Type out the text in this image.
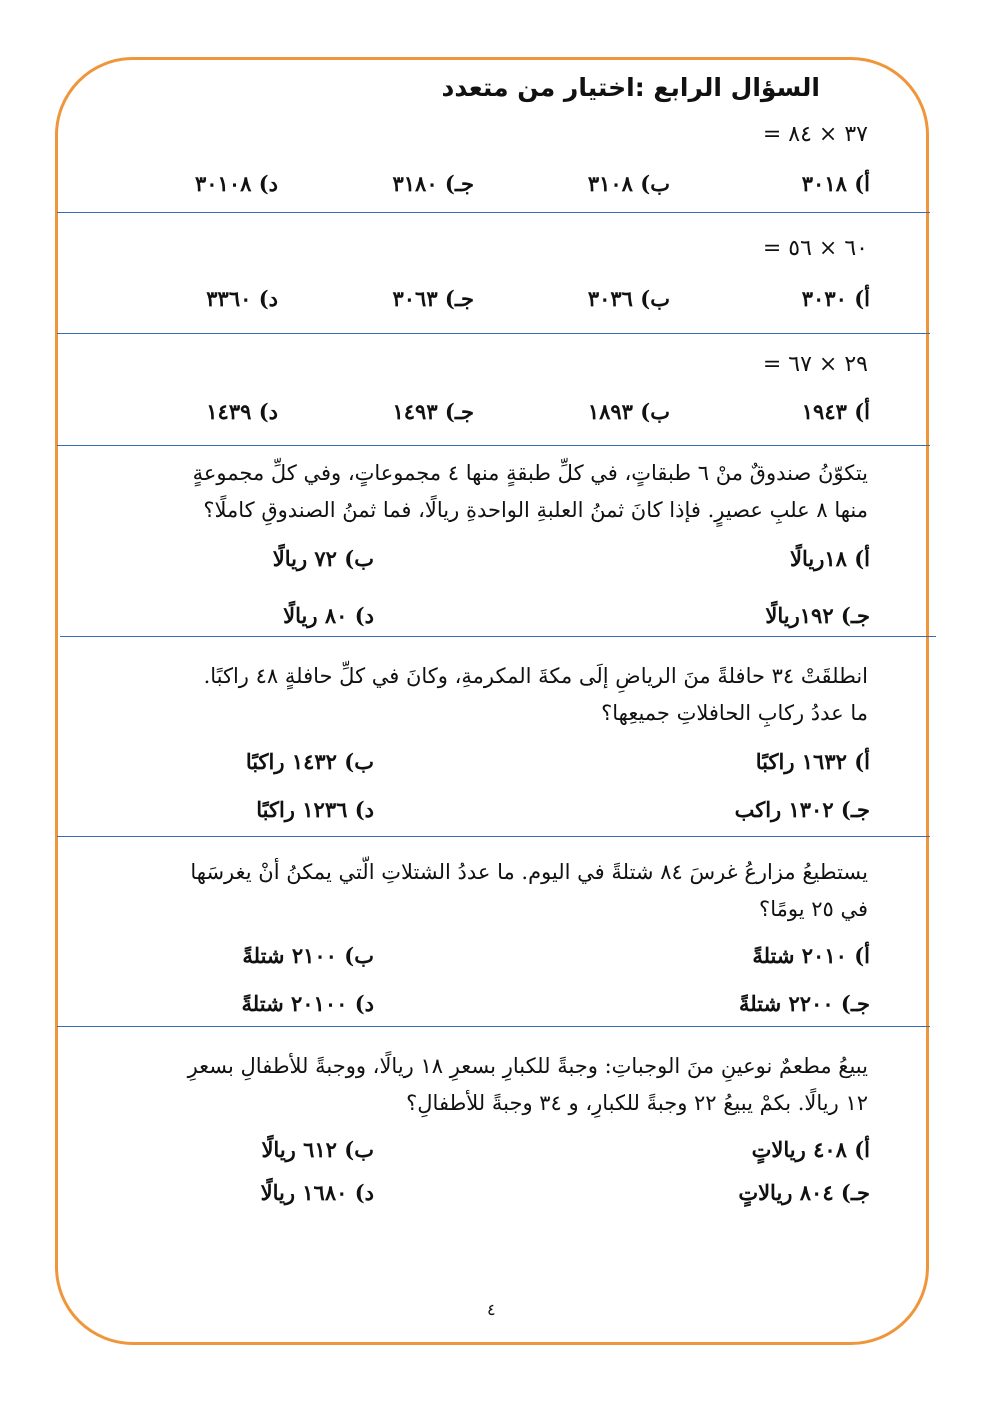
السؤال الرابع :اختيار من متعدد
٣٧ × ٨٤ =
أ) ٣٠١٨
ب) ٣١٠٨
جـ) ٣١٨٠
د) ٣٠١٠٨
٦٠ × ٥٦ =
أ) ٣٠٣٠
ب) ٣٠٣٦
جـ) ٣٠٦٣
د) ٣٣٦٠
٢٩ × ٦٧ =
أ) ١٩٤٣
ب) ١٨٩٣
جـ) ١٤٩٣
د) ١٤٣٩
يتكوّنُ صندوقٌ منْ ٦ طبقاتٍ، في كلِّ طبقةٍ منها ٤ مجموعاتٍ، وفي كلِّ مجموعةٍ
منها ٨ علبِ عصيرٍ. فإذا كانَ ثمنُ العلبةِ الواحدةِ ريالًا، فما ثمنُ الصندوقِ كاملًا؟
أ) ١٨ريالًا
ب) ٧٢ ريالًا
جـ) ١٩٢ريالًا
د) ٨٠ ريالًا
انطلقَتْ ٣٤ حافلةً منَ الرياضِ إلَى مكةَ المكرمةِ، وكانَ في كلِّ حافلةٍ ٤٨ راكبًا.
ما عددُ ركابِ الحافلاتِ جميعِها؟
أ) ١٦٣٢ راكبًا
ب) ١٤٣٢ راكبًا
جـ) ١٣٠٢ راكب
د) ١٢٣٦ راكبًا
يستطيعُ مزارعُ غرسَ ٨٤ شتلةً في اليوم. ما عددُ الشتلاتِ الّتي يمكنُ أنْ يغرسَها
في ٢٥ يومًا؟
أ) ٢٠١٠ شتلةً
ب) ٢١٠٠ شتلةً
جـ) ٢٢٠٠ شتلةً
د) ٢٠١٠٠ شتلةً
يبيعُ مطعمٌ نوعينِ منَ الوجباتِ: وجبةً للكبارِ بسعرِ ١٨ ريالًا، ووجبةً للأطفالِ بسعرِ
١٢ ريالًا. بكمْ يبيعُ ٢٢ وجبةً للكبارِ، و ٣٤ وجبةً للأطفالِ؟
أ) ٤٠٨ ريالاتٍ
ب) ٦١٢ ريالًا
جـ) ٨٠٤ ريالاتٍ
د) ١٦٨٠ ريالًا
٤
